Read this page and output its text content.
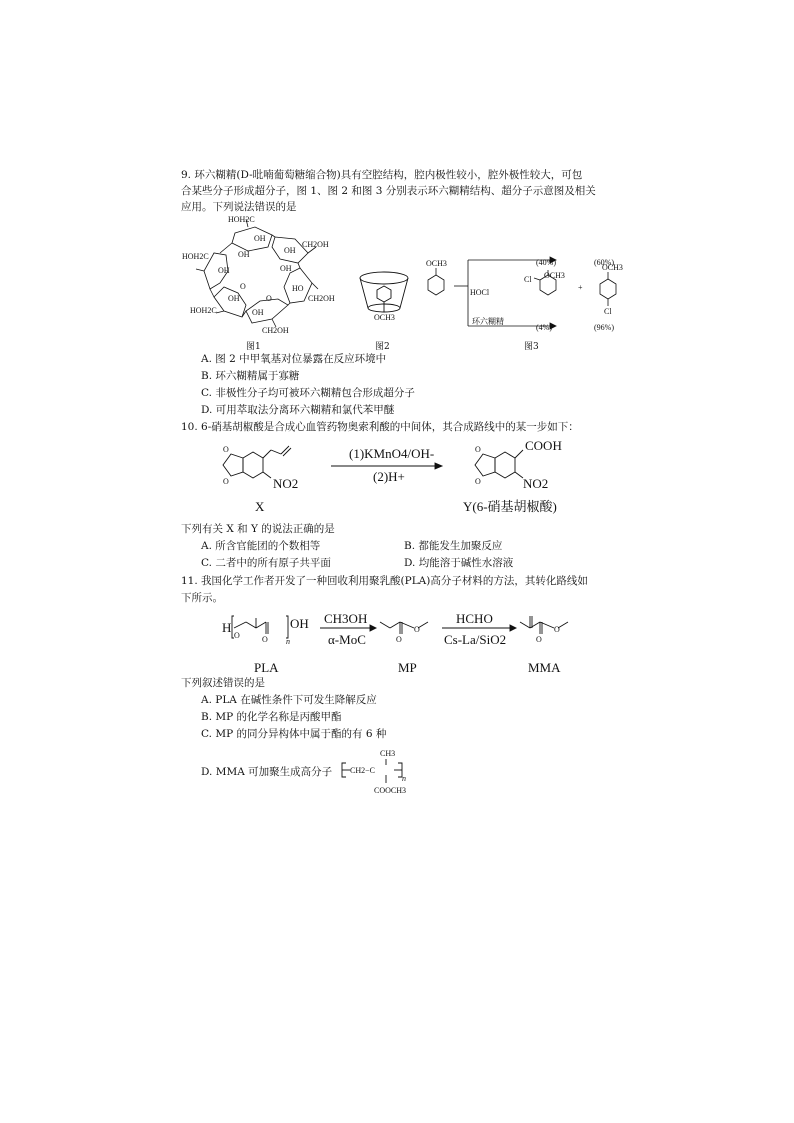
9. 环六糊精(D-吡喃葡萄糖缩合物)具有空腔结构，腔内极性较小，腔外极性较大，可包
合某些分子形成超分子，图 1、图 2 和图 3 分别表示环六糊精结构、超分子示意图及相关
应用。下列说法错误的是
HOH2C
HOH2C
HOH2C
CH2OH
CH2OH
CH2OH
OH
OH
HO
OH
OH
OH
OH
OH
O
O
图1
OCH3
图2
OCH3
HOCl
环六糊精
(40%)	(60%)
OCH3
Cl
+
OCH3
Cl
(4%)	(96%)
图3
A. 图 2 中甲氧基对位暴露在反应环境中
B. 环六糊精属于寡糖
C. 非极性分子均可被环六糊精包合形成超分子
D. 可用萃取法分离环六糊精和氯代苯甲醚
10. 6-硝基胡椒酸是合成心血管药物奥索利酸的中间体，其合成路线中的某一步如下：
O
O
O
O
NO2
(1)KMnO4/OH-
(2)H+
COOH
NO2
X	Y(6-硝基胡椒酸)
下列有关 X 和 Y 的说法正确的是
A. 所含官能团的个数相等	B. 都能发生加聚反应
C. 二者中的所有原子共平面	D. 均能溶于碱性水溶液
11. 我国化学工作者开发了一种回收利用聚乳酸(PLA)高分子材料的方法，其转化路线如
下所示。
H
O	O
OH
n
CH3OH
α-MoC	O
O
HCHO
Cs-La/SiO2	O
O
PLA	MP	MMA
下列叙述错误的是
A. PLA 在碱性条件下可发生降解反应
B. MP 的化学名称是丙酸甲酯
C. MP 的同分异构体中属于酯的有 6 种
D. MMA 可加聚生成高分子
CH3
CH2−C
n
COOCH3
